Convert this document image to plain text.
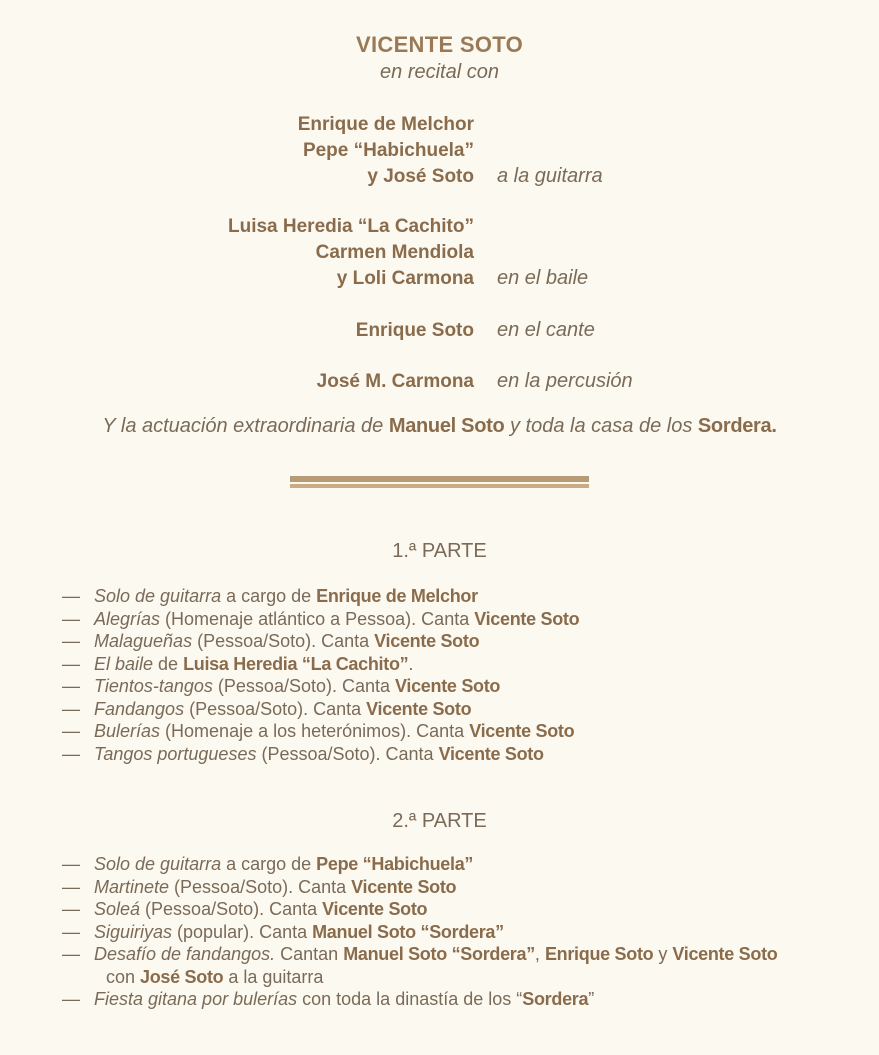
VICENTE SOTO
en recital con
Enrique de Melchor
Pepe “Habichuela”
y José Soto a la guitarra
Luisa Heredia “La Cachito”
Carmen Mendiola
y Loli Carmona en el baile
Enrique Soto en el cante
José M. Carmona en la percusión
Y la actuación extraordinaria de Manuel Soto y toda la casa de los Sordera.
1.ª PARTE
— Solo de guitarra a cargo de Enrique de Melchor
— Alegrías (Homenaje atlántico a Pessoa). Canta Vicente Soto
— Malagueñas (Pessoa/Soto). Canta Vicente Soto
— El baile de Luisa Heredia “La Cachito”.
— Tientos-tangos (Pessoa/Soto). Canta Vicente Soto
— Fandangos (Pessoa/Soto). Canta Vicente Soto
— Bulerías (Homenaje a los heterónimos). Canta Vicente Soto
— Tangos portugueses (Pessoa/Soto). Canta Vicente Soto
2.ª PARTE
— Solo de guitarra a cargo de Pepe “Habichuela”
— Martinete (Pessoa/Soto). Canta Vicente Soto
— Soleá (Pessoa/Soto). Canta Vicente Soto
— Siguiriyas (popular). Canta Manuel Soto “Sordera”
— Desafío de fandangos. Cantan Manuel Soto “Sordera”, Enrique Soto y Vicente Soto
con José Soto a la guitarra
— Fiesta gitana por bulerías con toda la dinastía de los “Sordera”
